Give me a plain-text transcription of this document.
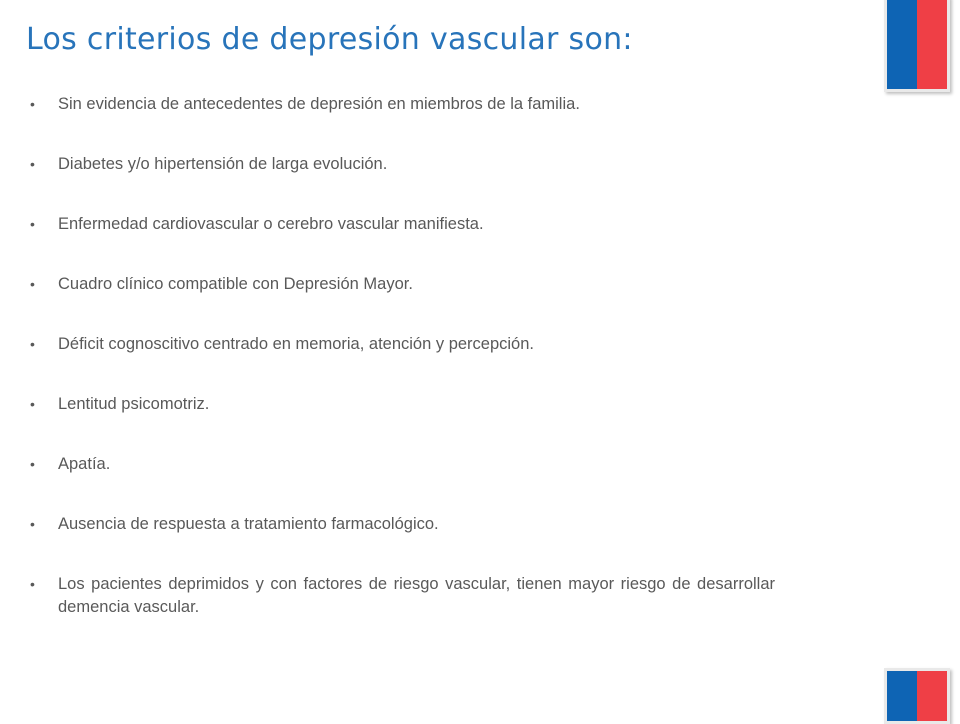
Los criterios de depresión vascular son:
• Sin evidencia de antecedentes de depresión en miembros de la familia.
• Diabetes y/o hipertensión de larga evolución.
• Enfermedad cardiovascular o cerebro vascular manifiesta.
• Cuadro clínico compatible con Depresión Mayor.
• Déficit cognoscitivo centrado en memoria, atención y percepción.
• Lentitud psicomotriz.
• Apatía.
• Ausencia de respuesta a tratamiento farmacológico.
• Los pacientes deprimidos y con factores de riesgo vascular, tienen mayor riesgo de desarrollar demencia vascular.
